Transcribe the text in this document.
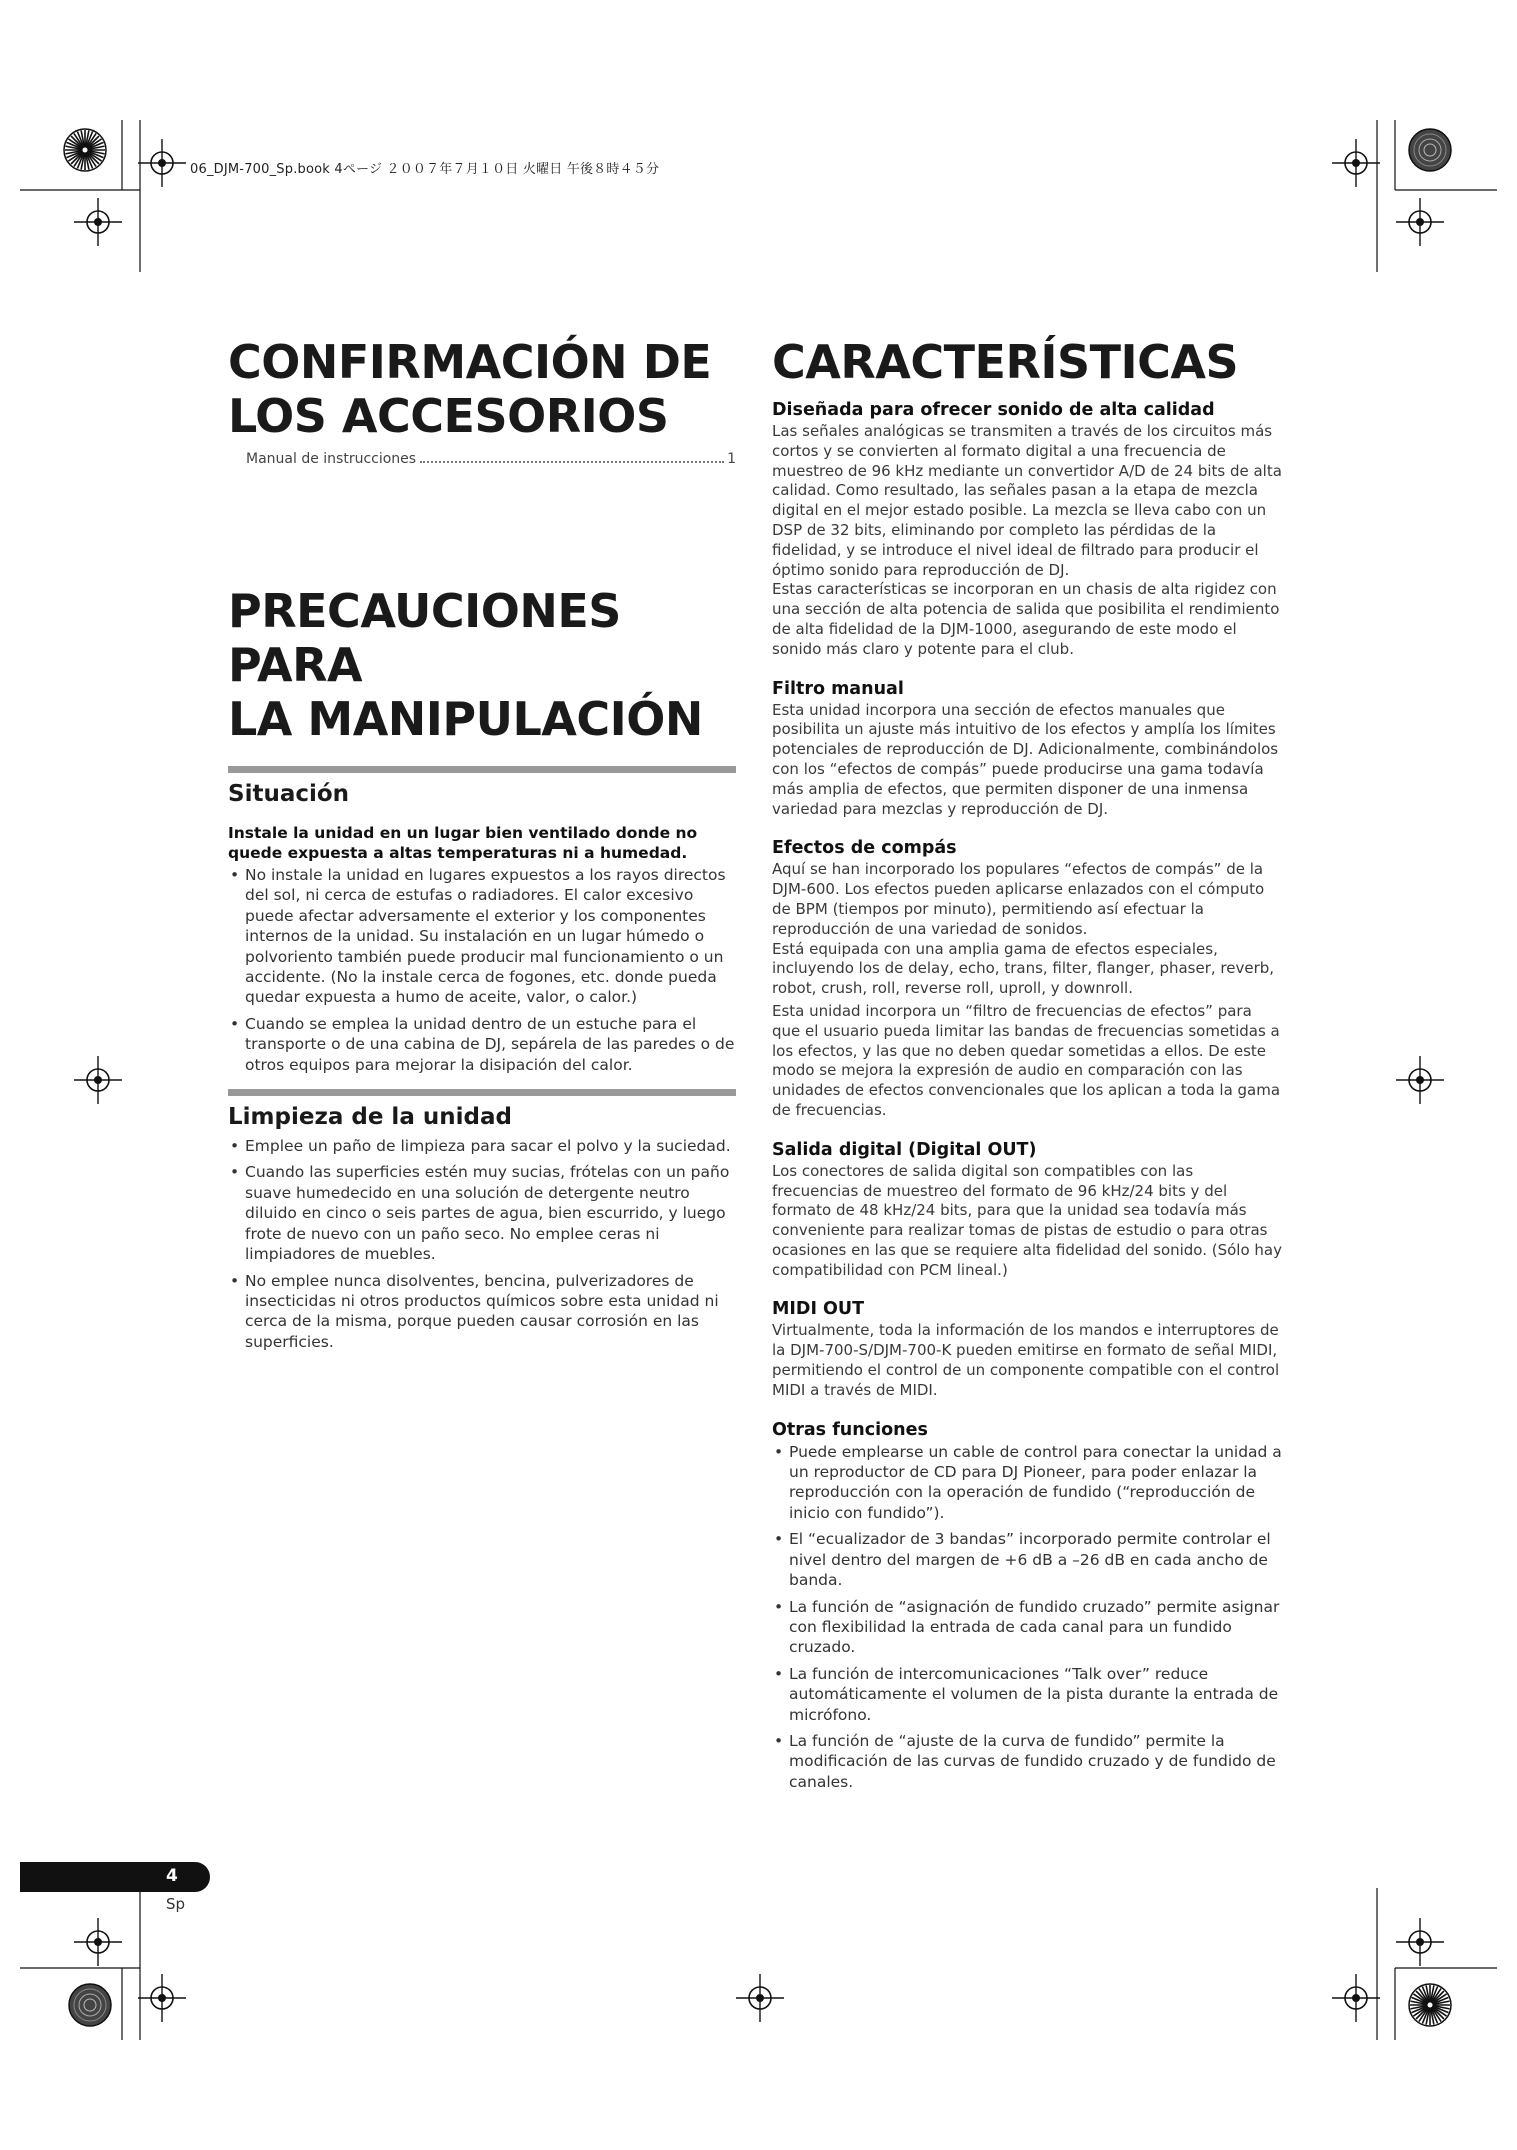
06_DJM-700_Sp.book 4ページ ２００７年７月１０日 火曜日 午後８時４５分
CONFIRMACIÓN DE
LOS ACCESORIOS
Manual de instrucciones	1
PRECAUCIONES PARA
LA MANIPULACIÓN
Situación

Instale la unidad en un lugar bien ventilado donde no quede expuesta a altas temperaturas ni a humedad.

• No instale la unidad en lugares expuestos a los rayos directos del sol, ni cerca de estufas o radiadores. El calor excesivo puede afectar adversamente el exterior y los componentes internos de la unidad. Su instalación en un lugar húmedo o polvoriento también puede producir mal funcionamiento o un accidente. (No la instale cerca de fogones, etc. donde pueda quedar expuesta a humo de aceite, valor, o calor.)
• Cuando se emplea la unidad dentro de un estuche para el transporte o de una cabina de DJ, sepárela de las paredes o de otros equipos para mejorar la disipación del calor.
Limpieza de la unidad
• Emplee un paño de limpieza para sacar el polvo y la suciedad.
• Cuando las superficies estén muy sucias, frótelas con un paño suave humedecido en una solución de detergente neutro diluido en cinco o seis partes de agua, bien escurrido, y luego frote de nuevo con un paño seco. No emplee ceras ni limpiadores de muebles.
• No emplee nunca disolventes, bencina, pulverizadores de insecticidas ni otros productos químicos sobre esta unidad ni cerca de la misma, porque pueden causar corrosión en las superficies.
CARACTERÍSTICAS
Diseñada para ofrecer sonido de alta calidad

Las señales analógicas se transmiten a través de los circuitos más cortos y se convierten al formato digital a una frecuencia de muestreo de 96 kHz mediante un convertidor A/D de 24 bits de alta calidad. Como resultado, las señales pasan a la etapa de mezcla digital en el mejor estado posible. La mezcla se lleva cabo con un DSP de 32 bits, eliminando por completo las pérdidas de la fidelidad, y se introduce el nivel ideal de filtrado para producir el óptimo sonido para reproducción de DJ.

Estas características se incorporan en un chasis de alta rigidez con una sección de alta potencia de salida que posibilita el rendimiento de alta fidelidad de la DJM-1000, asegurando de este modo el sonido más claro y potente para el club.

Filtro manual

Esta unidad incorpora una sección de efectos manuales que posibilita un ajuste más intuitivo de los efectos y amplía los límites potenciales de reproducción de DJ. Adicionalmente, combinándolos con los “efectos de compás” puede producirse una gama todavía más amplia de efectos, que permiten disponer de una inmensa variedad para mezclas y reproducción de DJ.

Efectos de compás

Aquí se han incorporado los populares “efectos de compás” de la DJM-600. Los efectos pueden aplicarse enlazados con el cómputo de BPM (tiempos por minuto), permitiendo así efectuar la reproducción de una variedad de sonidos.

Está equipada con una amplia gama de efectos especiales, incluyendo los de delay, echo, trans, filter, flanger, phaser, reverb, robot, crush, roll, reverse roll, uproll, y downroll.

Esta unidad incorpora un “filtro de frecuencias de efectos” para que el usuario pueda limitar las bandas de frecuencias sometidas a los efectos, y las que no deben quedar sometidas a ellos. De este modo se mejora la expresión de audio en comparación con las unidades de efectos convencionales que los aplican a toda la gama de frecuencias.

Salida digital (Digital OUT)

Los conectores de salida digital son compatibles con las frecuencias de muestreo del formato de 96 kHz/24 bits y del formato de 48 kHz/24 bits, para que la unidad sea todavía más conveniente para realizar tomas de pistas de estudio o para otras ocasiones en las que se requiere alta fidelidad del sonido. (Sólo hay compatibilidad con PCM lineal.)

MIDI OUT

Virtualmente, toda la información de los mandos e interruptores de la DJM-700-S/DJM-700-K pueden emitirse en formato de señal MIDI, permitiendo el control de un componente compatible con el control MIDI a través de MIDI.

Otras funciones
• Puede emplearse un cable de control para conectar la unidad a un reproductor de CD para DJ Pioneer, para poder enlazar la reproducción con la operación de fundido (“reproducción de inicio con fundido”).
• El “ecualizador de 3 bandas” incorporado permite controlar el nivel dentro del margen de +6 dB a –26 dB en cada ancho de banda.
• La función de “asignación de fundido cruzado” permite asignar con flexibilidad la entrada de cada canal para un fundido cruzado.
• La función de intercomunicaciones “Talk over” reduce automáticamente el volumen de la pista durante la entrada de micrófono.
• La función de “ajuste de la curva de fundido” permite la modificación de las curvas de fundido cruzado y de fundido de canales.
4
Sp
